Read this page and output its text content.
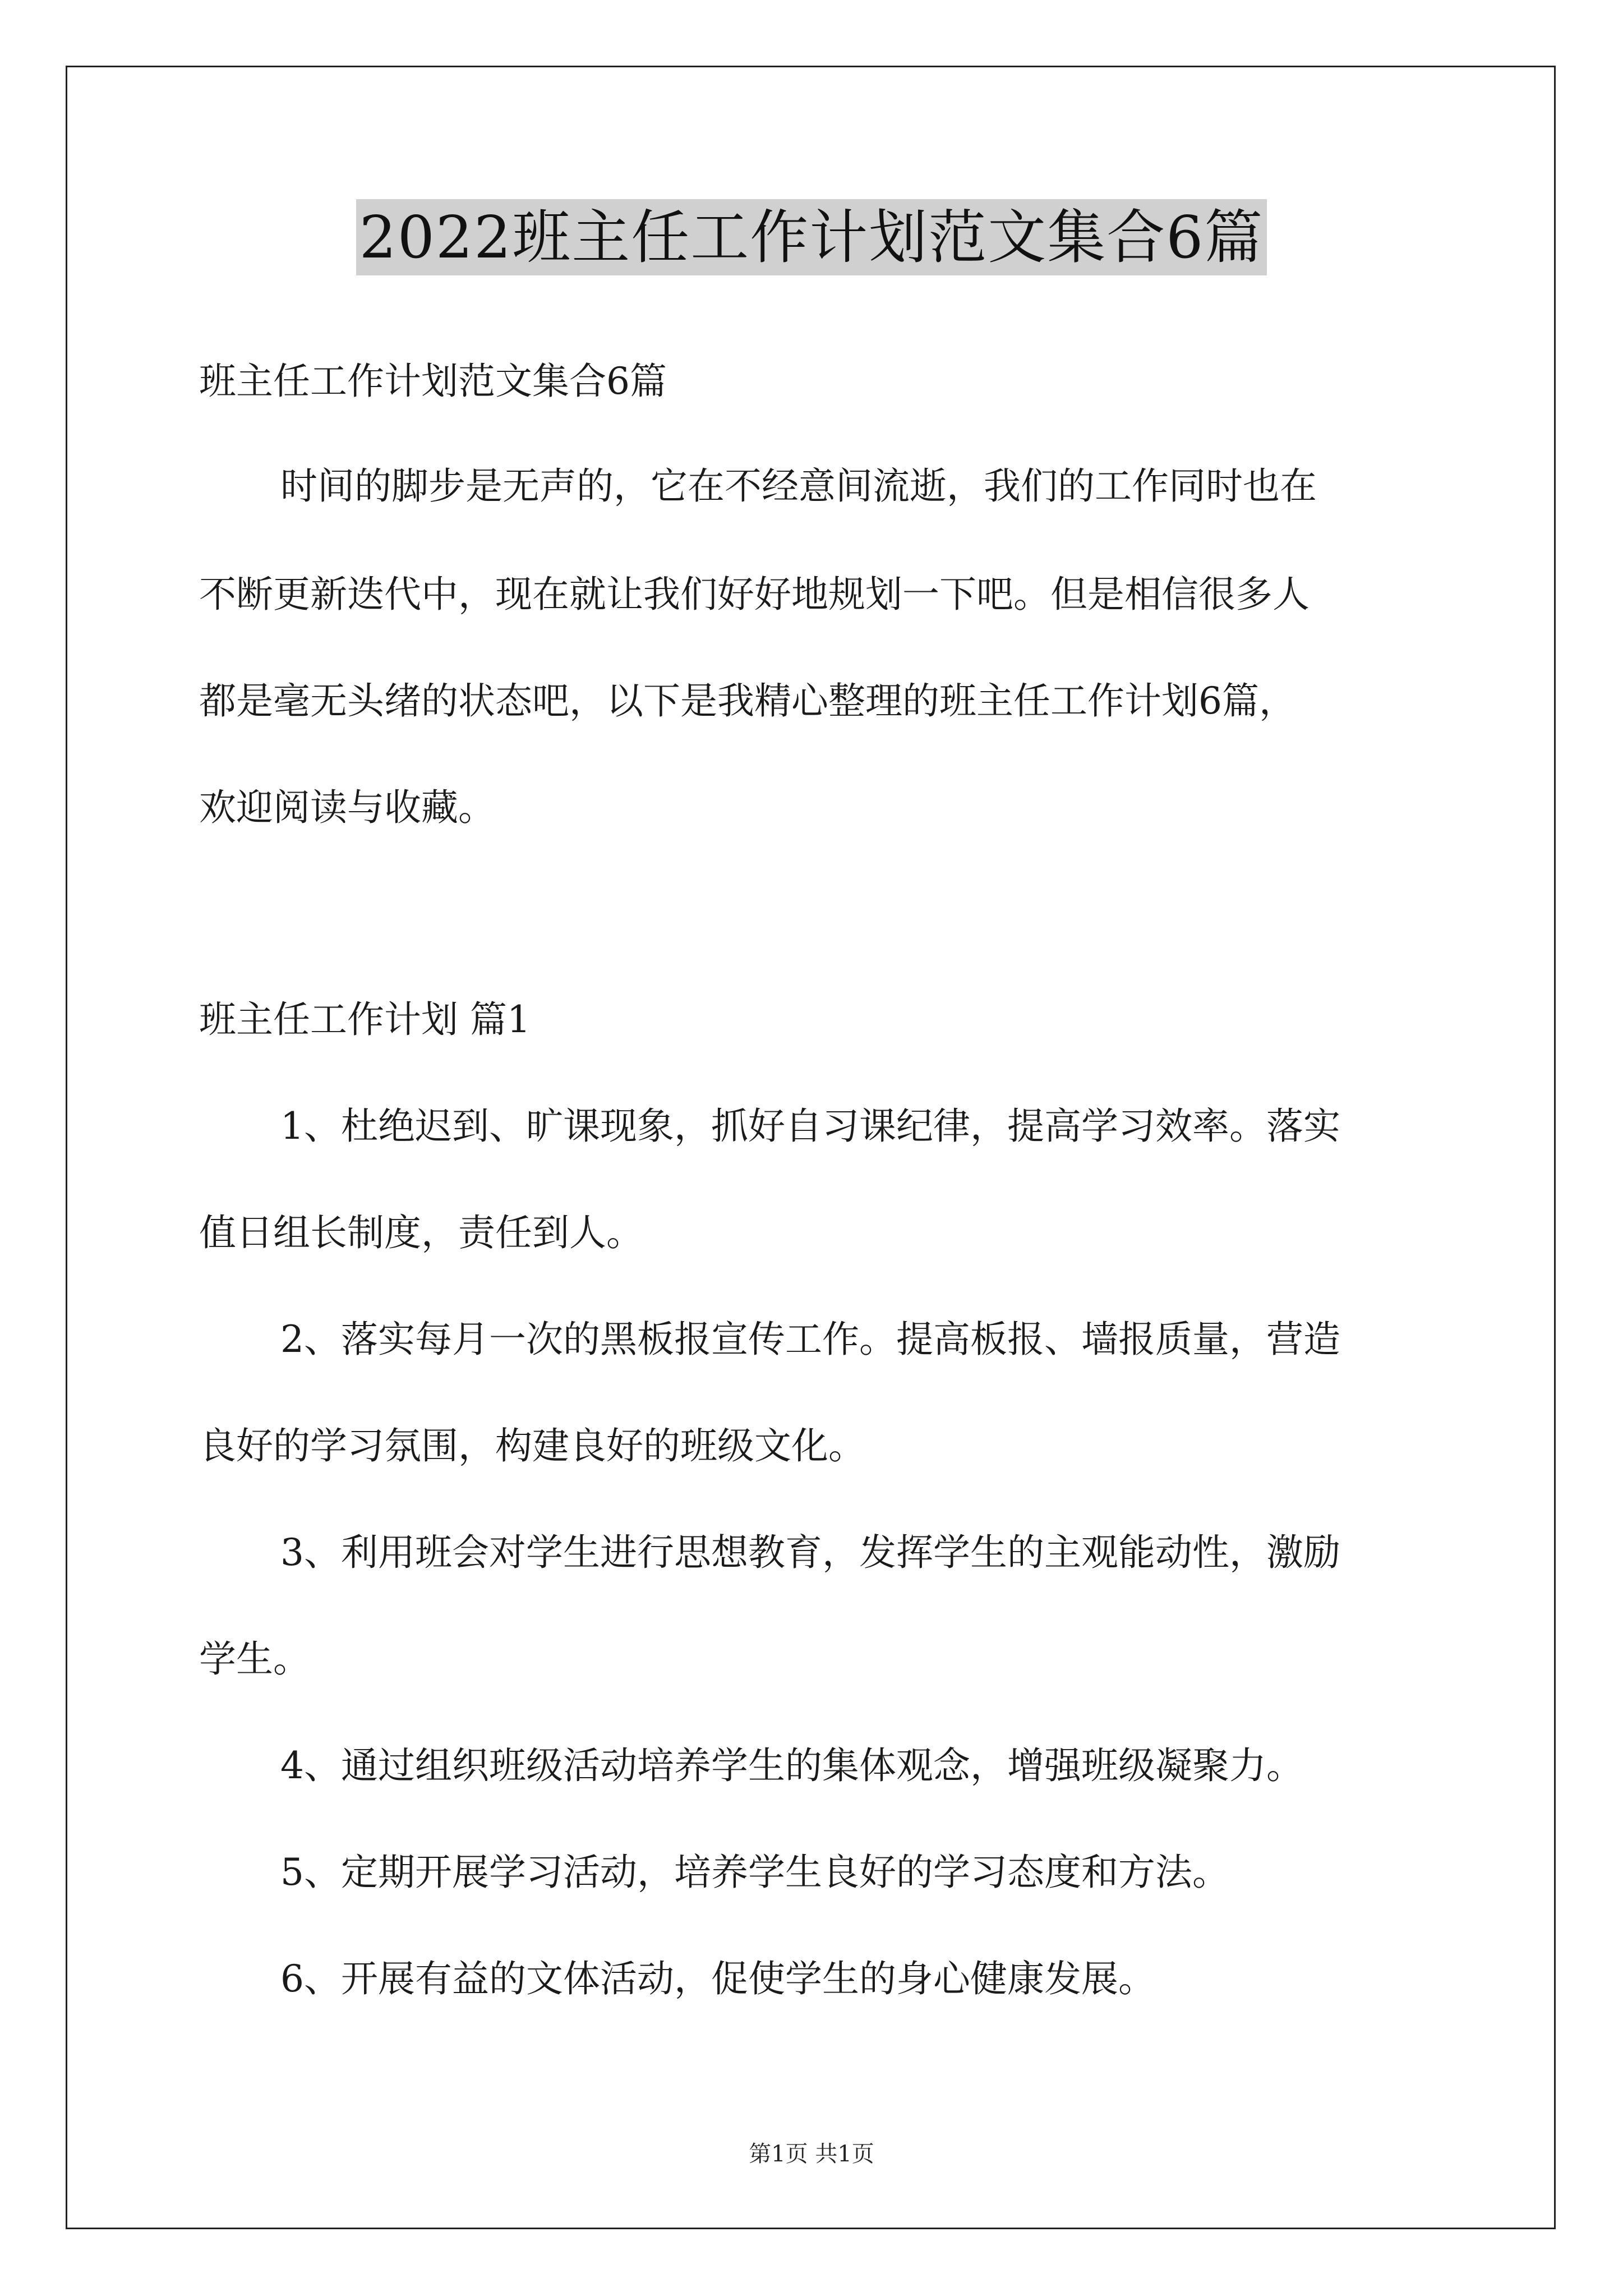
2022班主任工作计划范文集合6篇
班主任工作计划范文集合6篇
时间的脚步是无声的，它在不经意间流逝，我们的工作同时也在
不断更新迭代中，现在就让我们好好地规划一下吧。但是相信很多人
都是毫无头绪的状态吧，以下是我精心整理的班主任工作计划6篇，
欢迎阅读与收藏。
班主任工作计划 篇1
1、杜绝迟到、旷课现象，抓好自习课纪律，提高学习效率。落实
值日组长制度，责任到人。
2、落实每月一次的黑板报宣传工作。提高板报、墙报质量，营造
良好的学习氛围，构建良好的班级文化。
3、利用班会对学生进行思想教育，发挥学生的主观能动性，激励
学生。
4、通过组织班级活动培养学生的集体观念，增强班级凝聚力。
5、定期开展学习活动，培养学生良好的学习态度和方法。
6、开展有益的文体活动，促使学生的身心健康发展。
第1页 共1页
